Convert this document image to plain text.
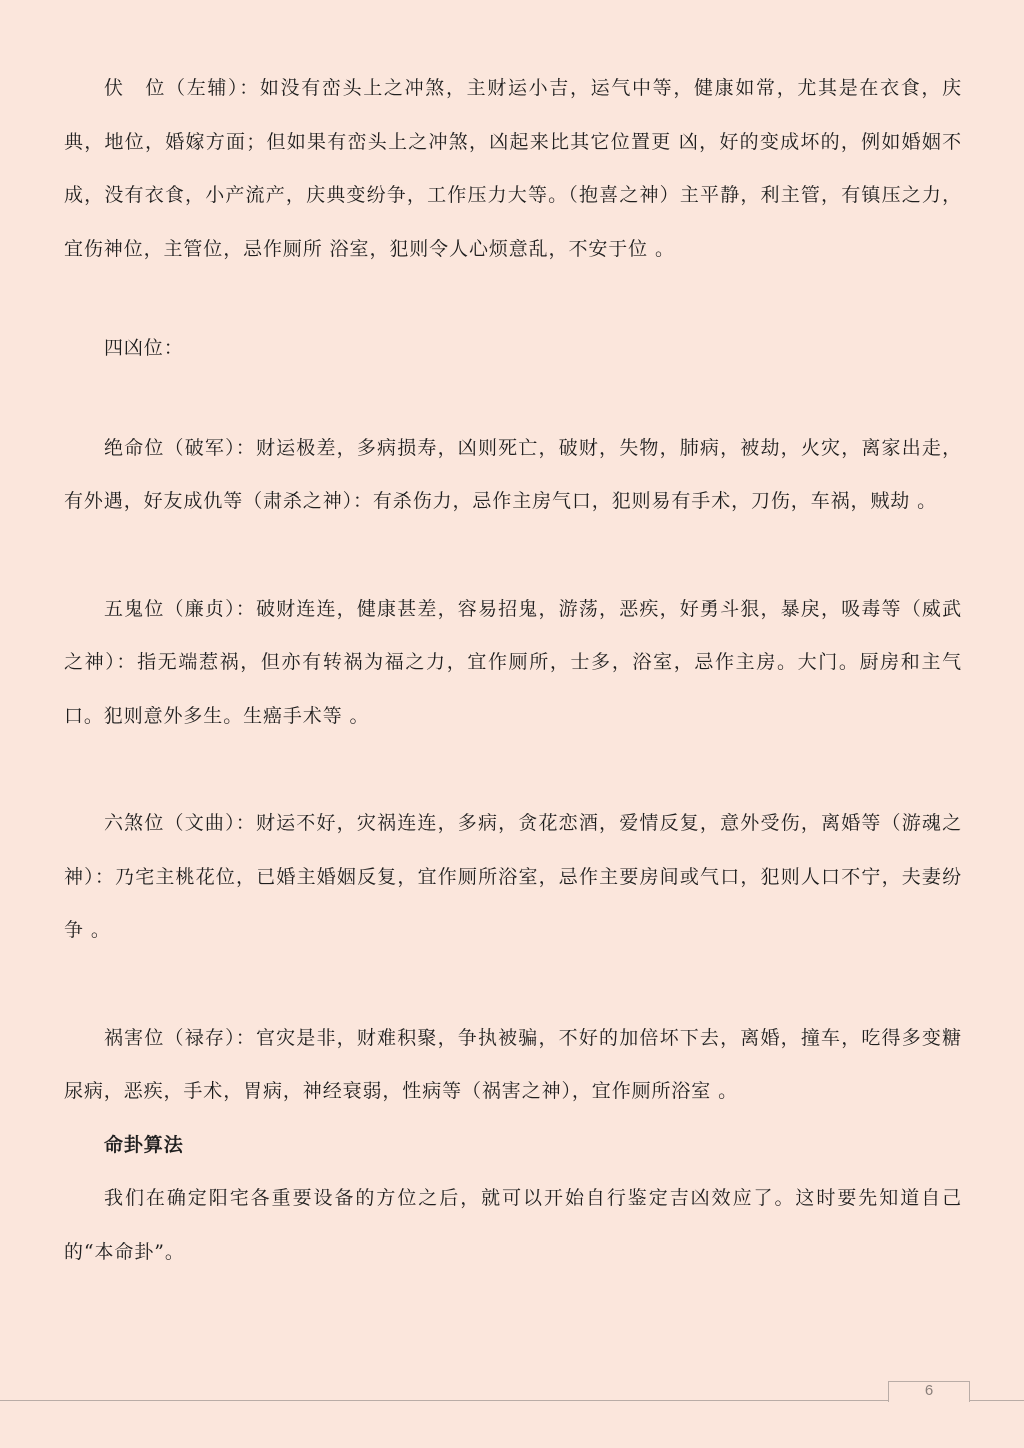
伏　位（左辅）：如没有峦头上之冲煞，主财运小吉，运气中等，健康如常，尤其是在衣食，庆典，地位，婚嫁方面；但如果有峦头上之冲煞，凶起来比其它位置更 凶，好的变成坏的，例如婚姻不成，没有衣食，小产流产，庆典变纷争，工作压力大等。（抱喜之神）主平静，利主管，有镇压之力，宜伤神位，主管位，忌作厕所 浴室，犯则令人心烦意乱，不安于位 。

四凶位：

绝命位（破军）：财运极差，多病损寿，凶则死亡，破财，失物，肺病，被劫，火灾，离家出走，有外遇，好友成仇等（肃杀之神）：有杀伤力，忌作主房气口，犯则易有手术，刀伤，车祸，贼劫 。

五鬼位（廉贞）：破财连连，健康甚差，容易招鬼，游荡，恶疾，好勇斗狠，暴戾，吸毒等（威武之神）：指无端惹祸，但亦有转祸为福之力，宜作厕所，士多，浴室，忌作主房。大门。厨房和主气口。犯则意外多生。生癌手术等 。

六煞位（文曲）：财运不好，灾祸连连，多病，贪花恋酒，爱情反复，意外受伤，离婚等（游魂之神）：乃宅主桃花位，已婚主婚姻反复，宜作厕所浴室，忌作主要房间或气口，犯则人口不宁，夫妻纷争 。

祸害位（禄存）：官灾是非，财难积聚，争执被骗，不好的加倍坏下去，离婚，撞车，吃得多变糖尿病，恶疾，手术，胃病，神经衰弱，性病等（祸害之神），宜作厕所浴室 。

命卦算法

我们在确定阳宅各重要设备的方位之后，就可以开始自行鉴定吉凶效应了。这时要先知道自己的“本命卦”。

6
